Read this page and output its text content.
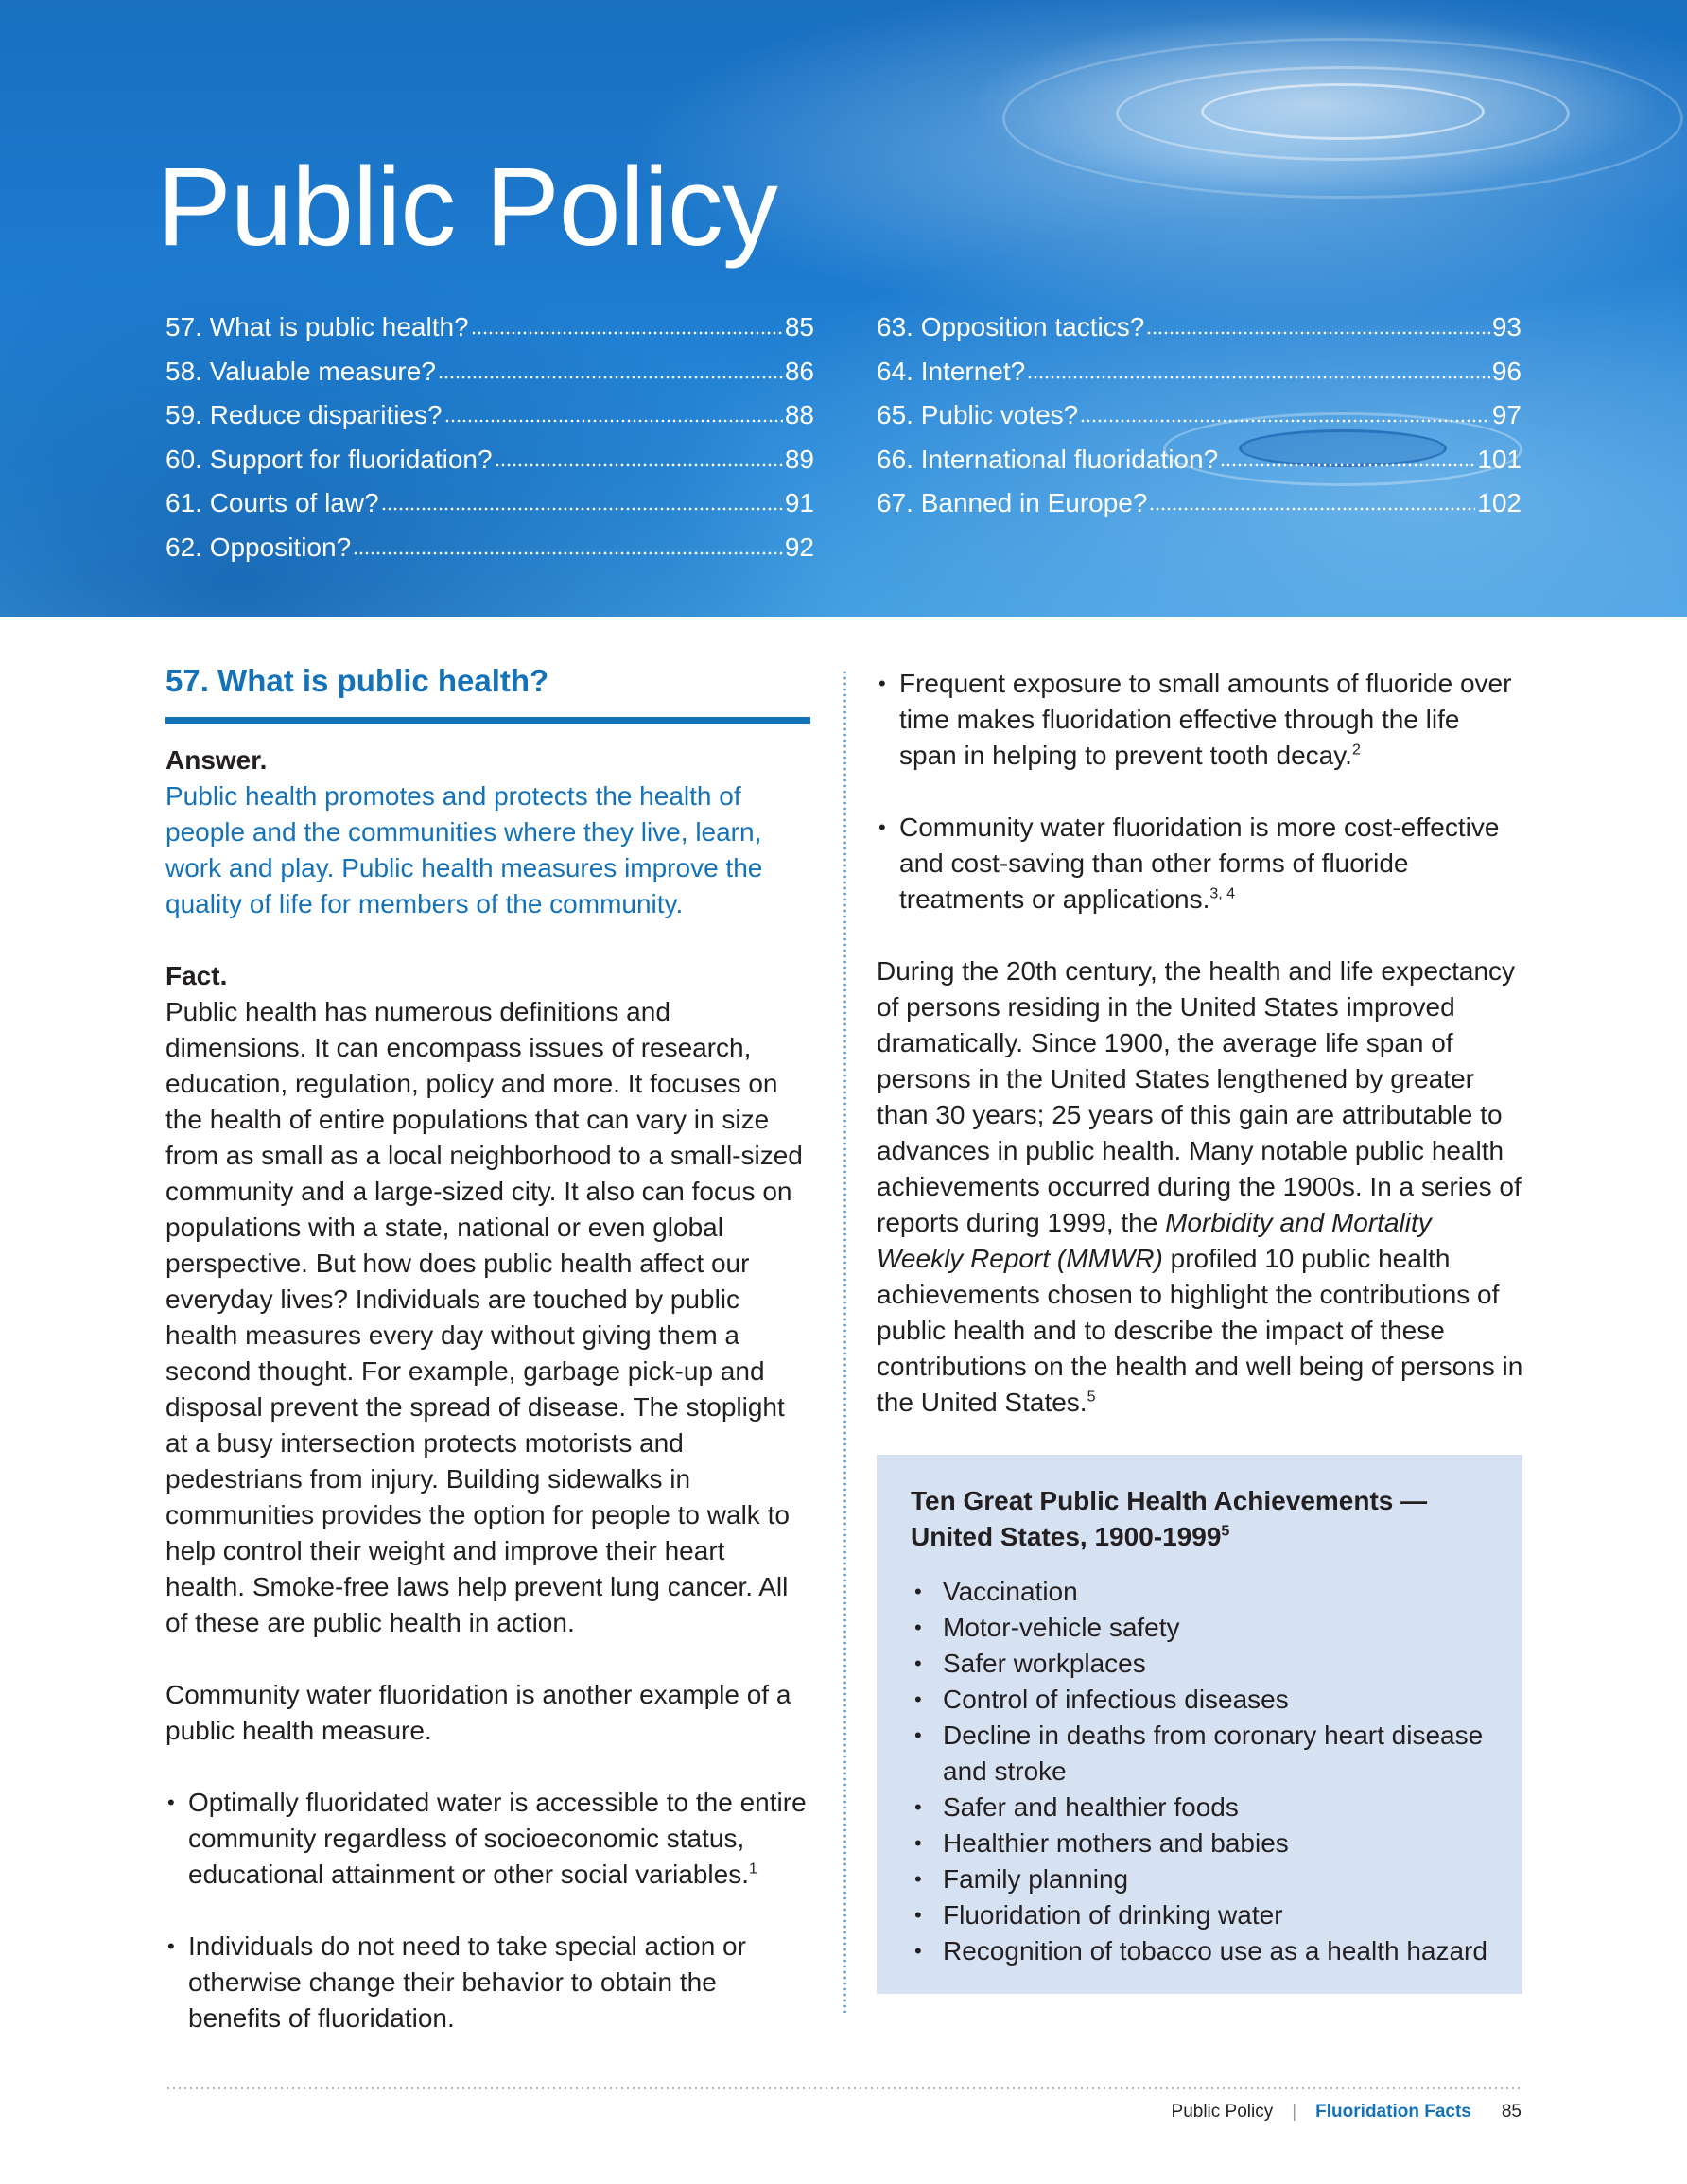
Public Policy
57. What is public health?	85
58. Valuable measure?	86
59. Reduce disparities?	88
60. Support for fluoridation?	89
61. Courts of law?	91
62. Opposition?	92
63. Opposition tactics?	93
64. Internet?	96
65. Public votes?	97
66. International fluoridation?	101
67. Banned in Europe?	102
57. What is public health?
Answer.

Public health promotes and protects the health of people and the communities where they live, learn, work and play. Public health measures improve the quality of life for members of the community.

Fact.

Public health has numerous definitions and dimensions. It can encompass issues of research, education, regulation, policy and more. It focuses on the health of entire populations that can vary in size from as small as a local neighborhood to a small-sized community and a large-sized city. It also can focus on populations with a state, national or even global perspective. But how does public health affect our everyday lives? Individuals are touched by public health measures every day without giving them a second thought. For example, garbage pick-up and disposal prevent the spread of disease. The stoplight at a busy intersection protects motorists and pedestrians from injury. Building sidewalks in communities provides the option for people to walk to help control their weight and improve their heart health. Smoke-free laws help prevent lung cancer. All of these are public health in action.

Community water fluoridation is another example of a public health measure.

• Optimally fluoridated water is accessible to the entire community regardless of socioeconomic status, educational attainment or other social variables.$^1$
• Individuals do not need to take special action or otherwise change their behavior to obtain the benefits of fluoridation.
• Frequent exposure to small amounts of fluoride over time makes fluoridation effective through the life span in helping to prevent tooth decay.$^2$
• Community water fluoridation is more cost-effective and cost-saving than other forms of fluoride treatments or applications.$^{3, 4}$

During the 20th century, the health and life expectancy of persons residing in the United States improved dramatically. Since 1900, the average life span of persons in the United States lengthened by greater than 30 years; 25 years of this gain are attributable to advances in public health. Many notable public health achievements occurred during the 1900s. In a series of reports during 1999, the Morbidity and Mortality Weekly Report (MMWR) profiled 10 public health achievements chosen to highlight the contributions of public health and to describe the impact of these contributions on the health and well being of persons in the United States.$^5$

Ten Great Public Health Achievements — United States, 1900-1999$^5$
• Vaccination
• Motor-vehicle safety
• Safer workplaces
• Control of infectious diseases
• Decline in deaths from coronary heart disease and stroke
• Safer and healthier foods
• Healthier mothers and babies
• Family planning
• Fluoridation of drinking water
• Recognition of tobacco use as a health hazard
Public Policy | Fluoridation Facts 85
